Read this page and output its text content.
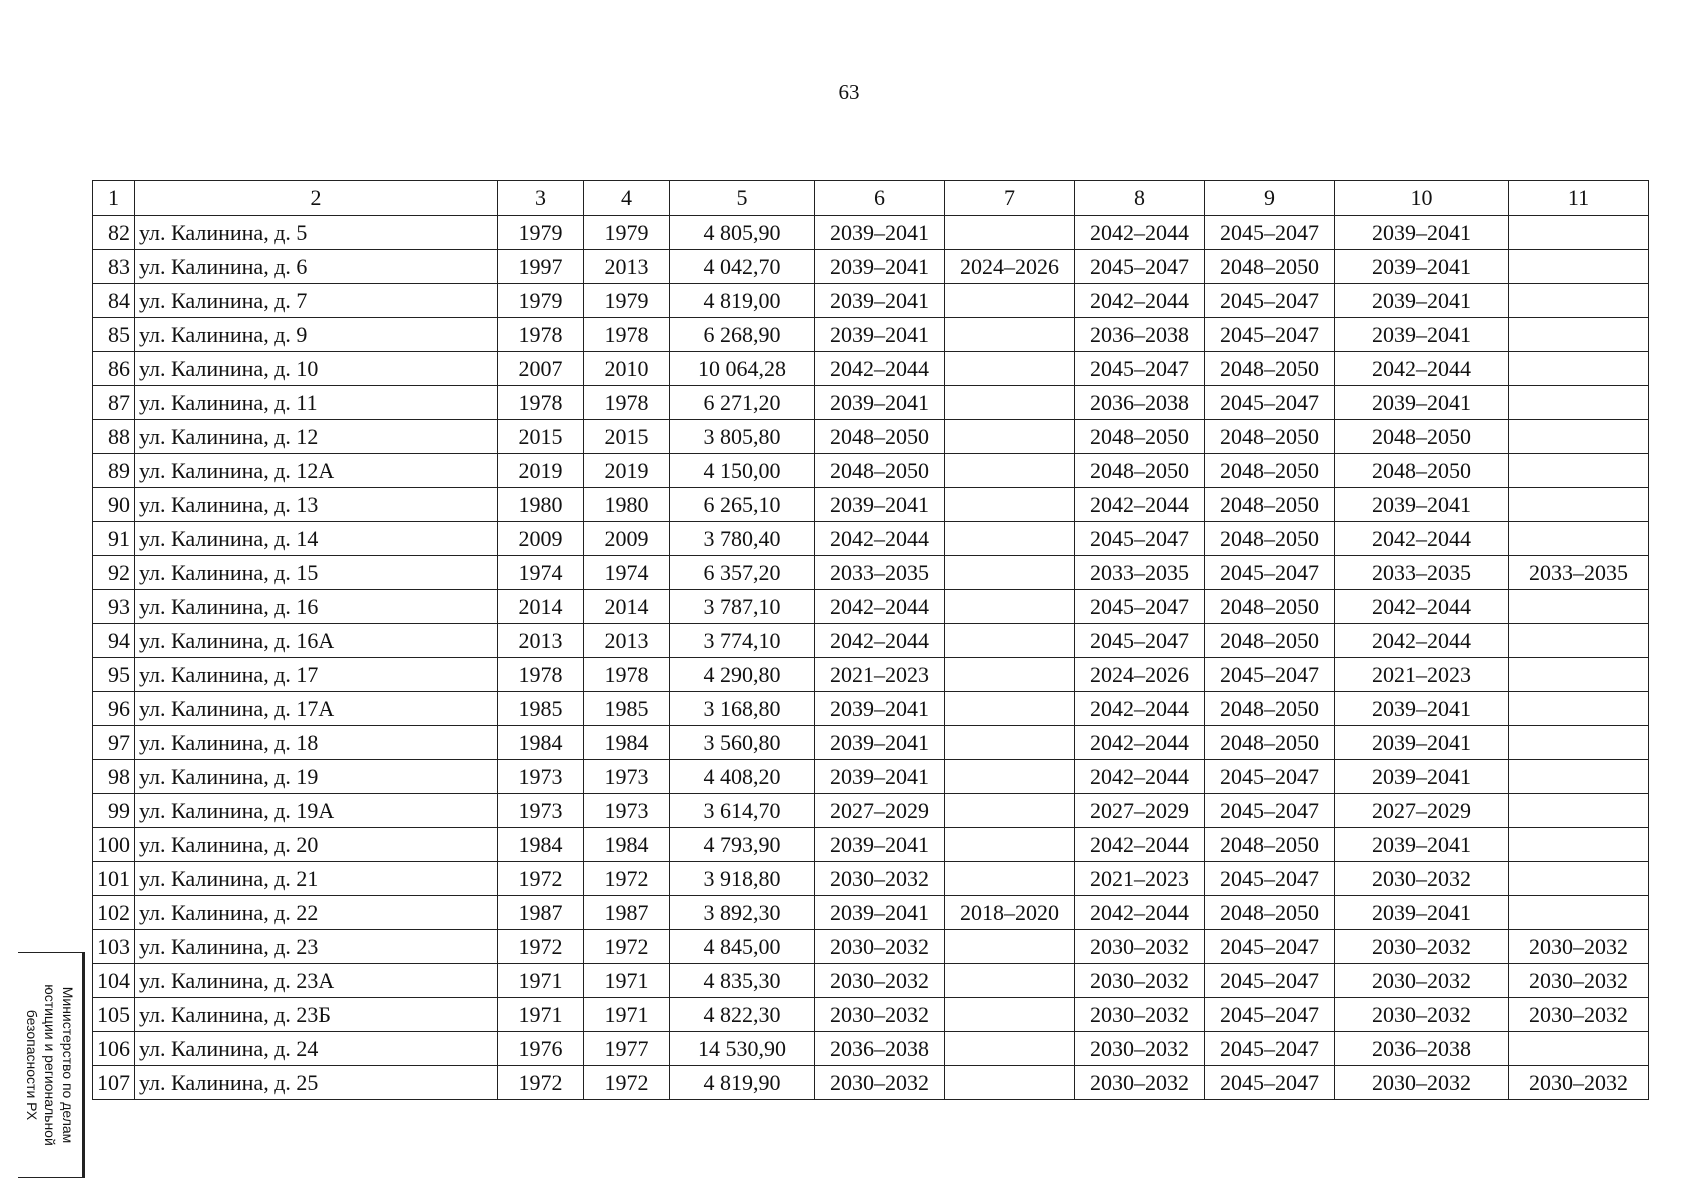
63
1	2	3	4	5	6	7	8	9	10	11
82	ул. Калинина, д. 5	1979	1979	4 805,90	2039–2041		2042–2044	2045–2047	2039–2041	
83	ул. Калинина, д. 6	1997	2013	4 042,70	2039–2041	2024–2026	2045–2047	2048–2050	2039–2041	
84	ул. Калинина, д. 7	1979	1979	4 819,00	2039–2041		2042–2044	2045–2047	2039–2041	
85	ул. Калинина, д. 9	1978	1978	6 268,90	2039–2041		2036–2038	2045–2047	2039–2041	
86	ул. Калинина, д. 10	2007	2010	10 064,28	2042–2044		2045–2047	2048–2050	2042–2044	
87	ул. Калинина, д. 11	1978	1978	6 271,20	2039–2041		2036–2038	2045–2047	2039–2041	
88	ул. Калинина, д. 12	2015	2015	3 805,80	2048–2050		2048–2050	2048–2050	2048–2050	
89	ул. Калинина, д. 12А	2019	2019	4 150,00	2048–2050		2048–2050	2048–2050	2048–2050	
90	ул. Калинина, д. 13	1980	1980	6 265,10	2039–2041		2042–2044	2048–2050	2039–2041	
91	ул. Калинина, д. 14	2009	2009	3 780,40	2042–2044		2045–2047	2048–2050	2042–2044	
92	ул. Калинина, д. 15	1974	1974	6 357,20	2033–2035		2033–2035	2045–2047	2033–2035	2033–2035
93	ул. Калинина, д. 16	2014	2014	3 787,10	2042–2044		2045–2047	2048–2050	2042–2044	
94	ул. Калинина, д. 16А	2013	2013	3 774,10	2042–2044		2045–2047	2048–2050	2042–2044	
95	ул. Калинина, д. 17	1978	1978	4 290,80	2021–2023		2024–2026	2045–2047	2021–2023	
96	ул. Калинина, д. 17А	1985	1985	3 168,80	2039–2041		2042–2044	2048–2050	2039–2041	
97	ул. Калинина, д. 18	1984	1984	3 560,80	2039–2041		2042–2044	2048–2050	2039–2041	
98	ул. Калинина, д. 19	1973	1973	4 408,20	2039–2041		2042–2044	2045–2047	2039–2041	
99	ул. Калинина, д. 19А	1973	1973	3 614,70	2027–2029		2027–2029	2045–2047	2027–2029	
100	ул. Калинина, д. 20	1984	1984	4 793,90	2039–2041		2042–2044	2048–2050	2039–2041	
101	ул. Калинина, д. 21	1972	1972	3 918,80	2030–2032		2021–2023	2045–2047	2030–2032	
102	ул. Калинина, д. 22	1987	1987	3 892,30	2039–2041	2018–2020	2042–2044	2048–2050	2039–2041	
103	ул. Калинина, д. 23	1972	1972	4 845,00	2030–2032		2030–2032	2045–2047	2030–2032	2030–2032
104	ул. Калинина, д. 23А	1971	1971	4 835,30	2030–2032		2030–2032	2045–2047	2030–2032	2030–2032
105	ул. Калинина, д. 23Б	1971	1971	4 822,30	2030–2032		2030–2032	2045–2047	2030–2032	2030–2032
106	ул. Калинина, д. 24	1976	1977	14 530,90	2036–2038		2030–2032	2045–2047	2036–2038	
107	ул. Калинина, д. 25	1972	1972	4 819,90	2030–2032		2030–2032	2045–2047	2030–2032	2030–2032
Министерство по делам
юстиции и региональной
безопасности РХ
